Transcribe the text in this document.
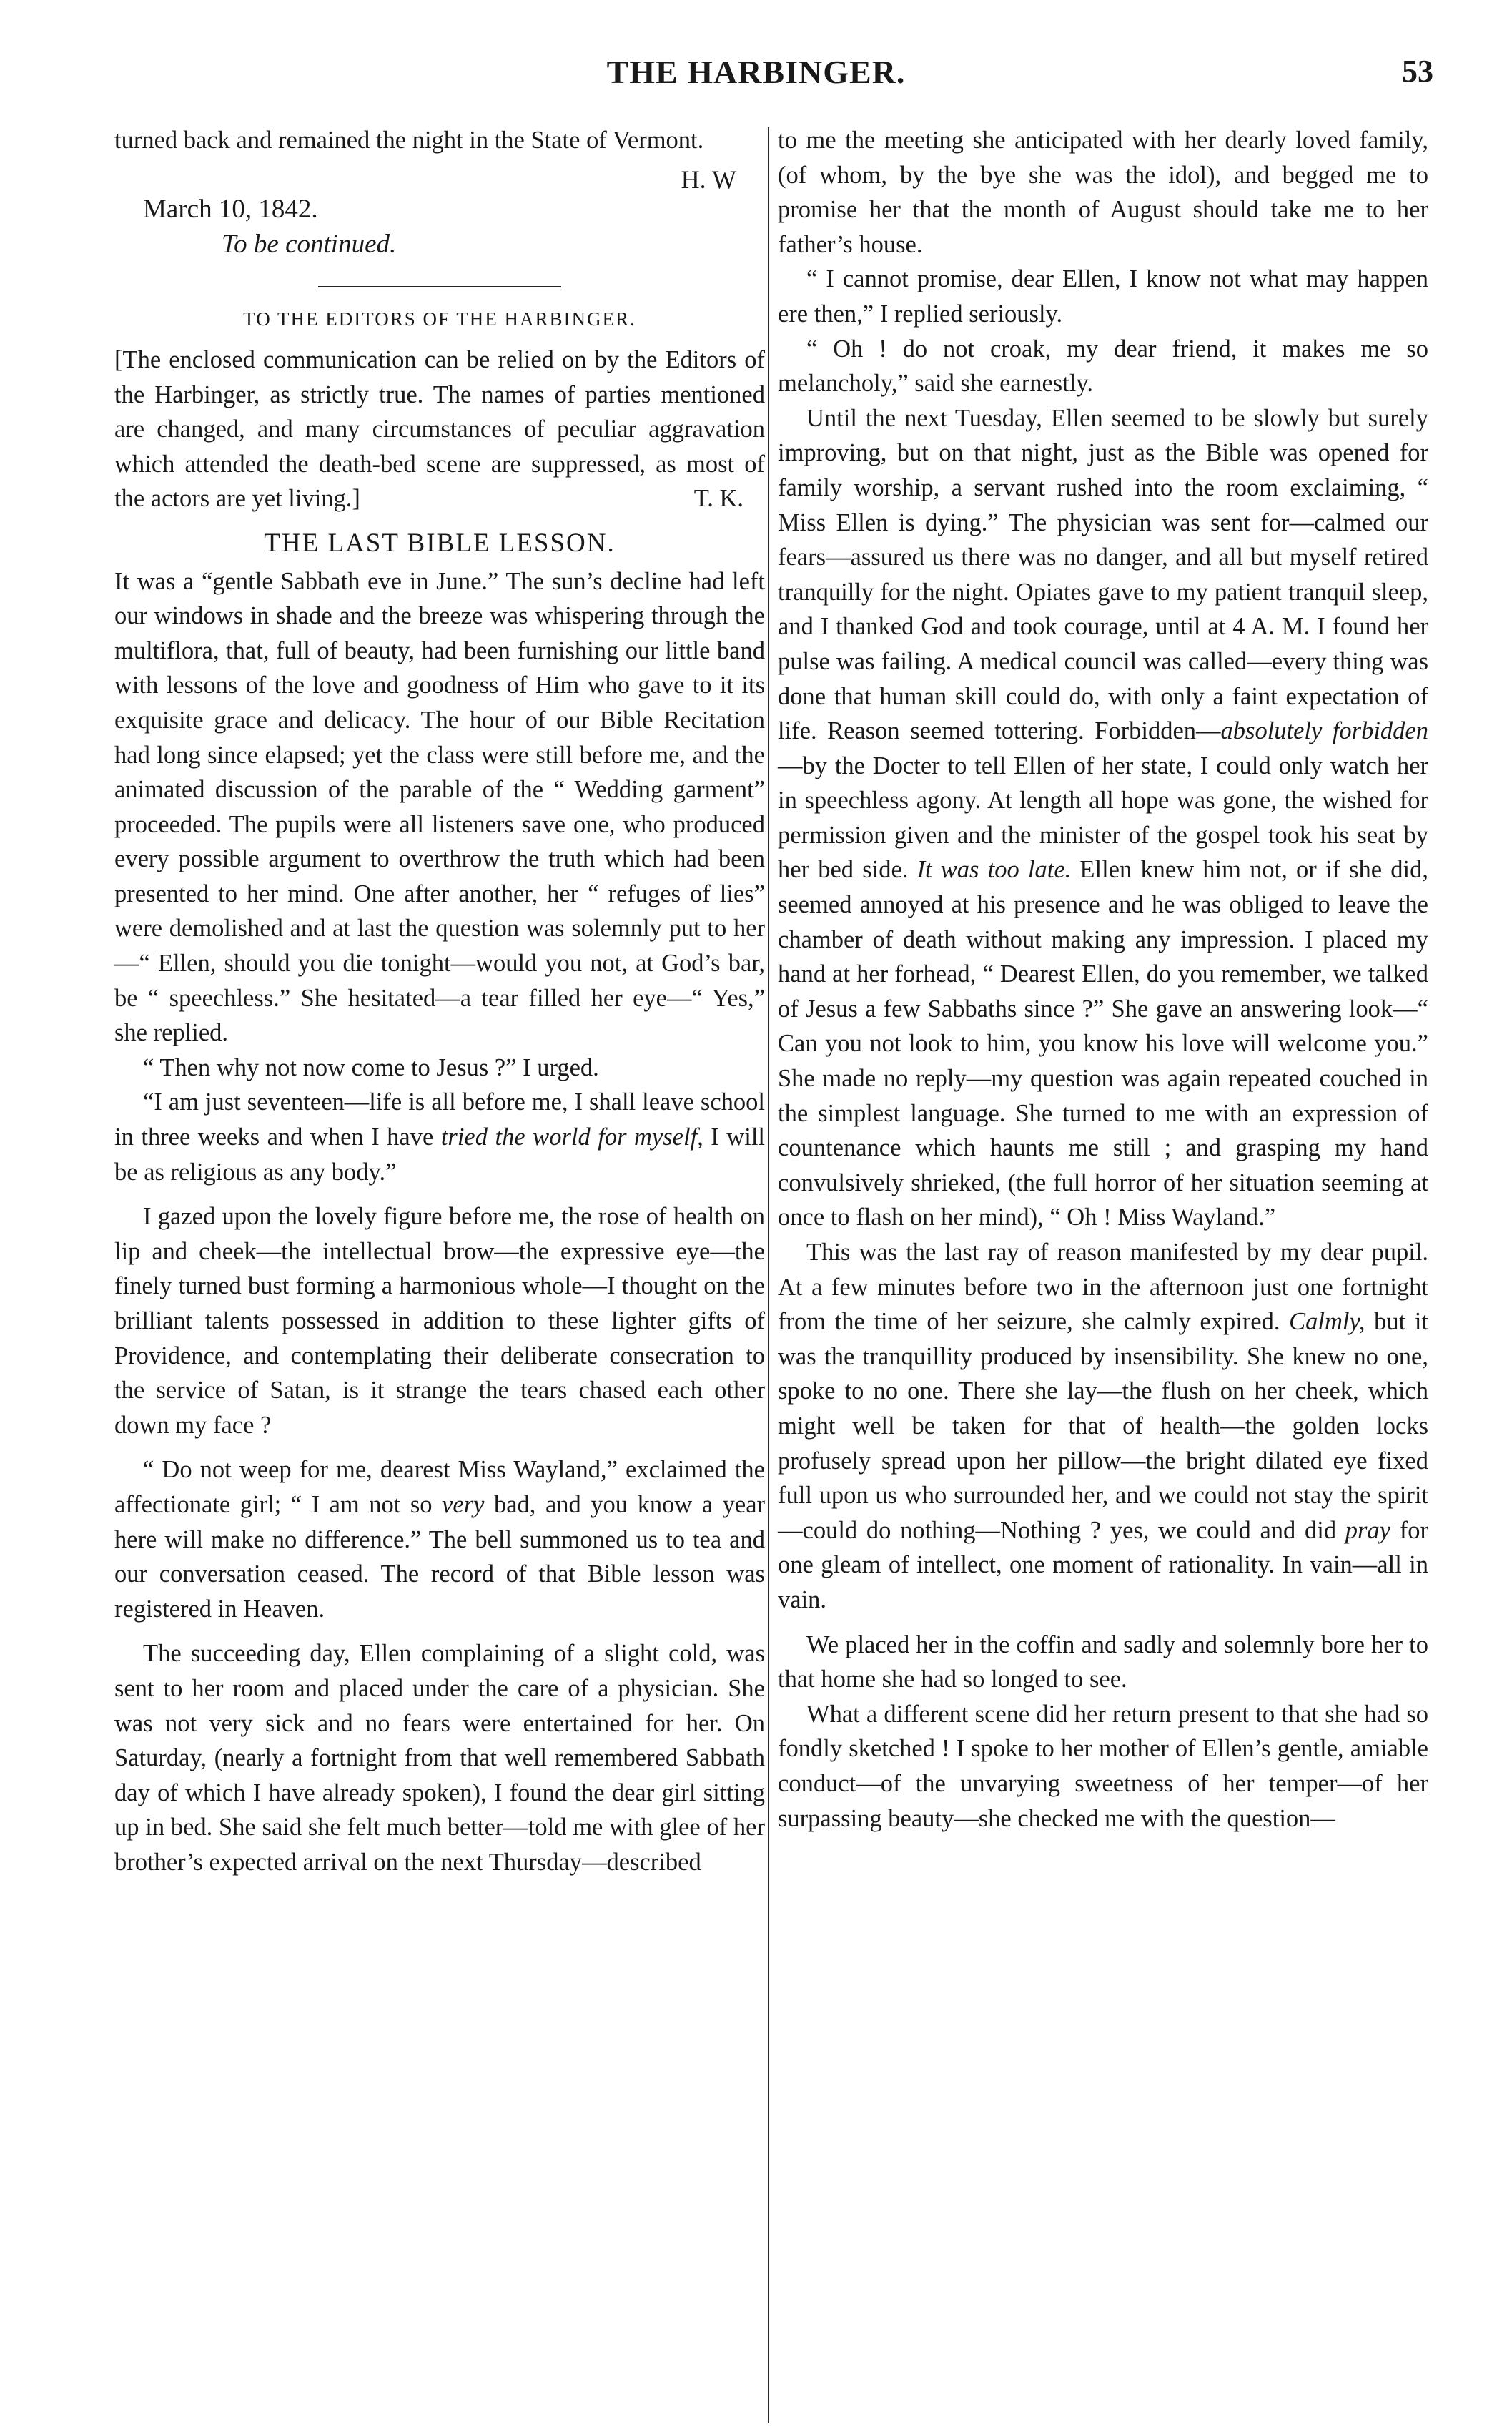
THE HARBINGER.	53

turned back and remained the night in the State of Vermont.

H. W

March 10, 1842.

To be continued.

TO THE EDITORS OF THE HARBINGER.

[The enclosed communication can be relied on by the Editors of the Harbinger, as strictly true. The names of parties mentioned are changed, and many circumstances of peculiar aggravation which attended the death-bed scene are suppressed, as most of the actors are yet living.]	T. K.

THE LAST BIBLE LESSON.

It was a “gentle Sabbath eve in June.” The sun’s decline had left our windows in shade and the breeze was whispering through the multiflora, that, full of beauty, had been furnishing our little band with lessons of the love and goodness of Him who gave to it its exquisite grace and delicacy. The hour of our Bible Recitation had long since elapsed; yet the class were still before me, and the animated discussion of the parable of the “ Wedding garment” proceeded. The pupils were all listeners save one, who produced every possible argument to overthrow the truth which had been presented to her mind. One after another, her “ refuges of lies” were demolished and at last the question was solemnly put to her—“ Ellen, should you die tonight—would you not, at God’s bar, be “ speechless.” She hesitated—a tear filled her eye—“ Yes,” she replied.

“ Then why not now come to Jesus ?” I urged.

“I am just seventeen—life is all before me, I shall leave school in three weeks and when I have tried the world for myself, I will be as religious as any body.”

I gazed upon the lovely figure before me, the rose of health on lip and cheek—the intellectual brow—the expressive eye—the finely turned bust forming a harmonious whole—I thought on the brilliant talents possessed in addition to these lighter gifts of Providence, and contemplating their deliberate consecration to the service of Satan, is it strange the tears chased each other down my face ?

“ Do not weep for me, dearest Miss Wayland,” exclaimed the affectionate girl; “ I am not so very bad, and you know a year here will make no difference.” The bell summoned us to tea and our conversation ceased. The record of that Bible lesson was registered in Heaven.

The succeeding day, Ellen complaining of a slight cold, was sent to her room and placed under the care of a physician. She was not very sick and no fears were entertained for her. On Saturday, (nearly a fortnight from that well remembered Sabbath day of which I have already spoken), I found the dear girl sitting up in bed. She said she felt much better—told me with glee of her brother’s expected arrival on the next Thursday—described

to me the meeting she anticipated with her dearly loved family, (of whom, by the bye she was the idol), and begged me to promise her that the month of August should take me to her father’s house.

“ I cannot promise, dear Ellen, I know not what may happen ere then,” I replied seriously.

“ Oh ! do not croak, my dear friend, it makes me so melancholy,” said she earnestly.

Until the next Tuesday, Ellen seemed to be slowly but surely improving, but on that night, just as the Bible was opened for family worship, a servant rushed into the room exclaiming, “ Miss Ellen is dying.” The physician was sent for—calmed our fears—assured us there was no danger, and all but myself retired tranquilly for the night. Opiates gave to my patient tranquil sleep, and I thanked God and took courage, until at 4 A. M. I found her pulse was failing. A medical council was called—every thing was done that human skill could do, with only a faint expectation of life. Reason seemed tottering. Forbidden—absolutely forbidden—by the Docter to tell Ellen of her state, I could only watch her in speechless agony. At length all hope was gone, the wished for permission given and the minister of the gospel took his seat by her bed side. It was too late. Ellen knew him not, or if she did, seemed annoyed at his presence and he was obliged to leave the chamber of death without making any impression. I placed my hand at her forhead, “ Dearest Ellen, do you remember, we talked of Jesus a few Sabbaths since ?” She gave an answering look—“ Can you not look to him, you know his love will welcome you.” She made no reply—my question was again repeated couched in the simplest language. She turned to me with an expression of countenance which haunts me still ; and grasping my hand convulsively shrieked, (the full horror of her situation seeming at once to flash on her mind), “ Oh ! Miss Wayland.”

This was the last ray of reason manifested by my dear pupil. At a few minutes before two in the afternoon just one fortnight from the time of her seizure, she calmly expired. Calmly, but it was the tranquillity produced by insensibility. She knew no one, spoke to no one. There she lay—the flush on her cheek, which might well be taken for that of health—the golden locks profusely spread upon her pillow—the bright dilated eye fixed full upon us who surrounded her, and we could not stay the spirit—could do nothing—Nothing ? yes, we could and did pray for one gleam of intellect, one moment of rationality. In vain—all in vain.

We placed her in the coffin and sadly and solemnly bore her to that home she had so longed to see.

What a different scene did her return present to that she had so fondly sketched ! I spoke to her mother of Ellen’s gentle, amiable conduct—of the unvarying sweetness of her temper—of her surpassing beauty—she checked me with the question—
